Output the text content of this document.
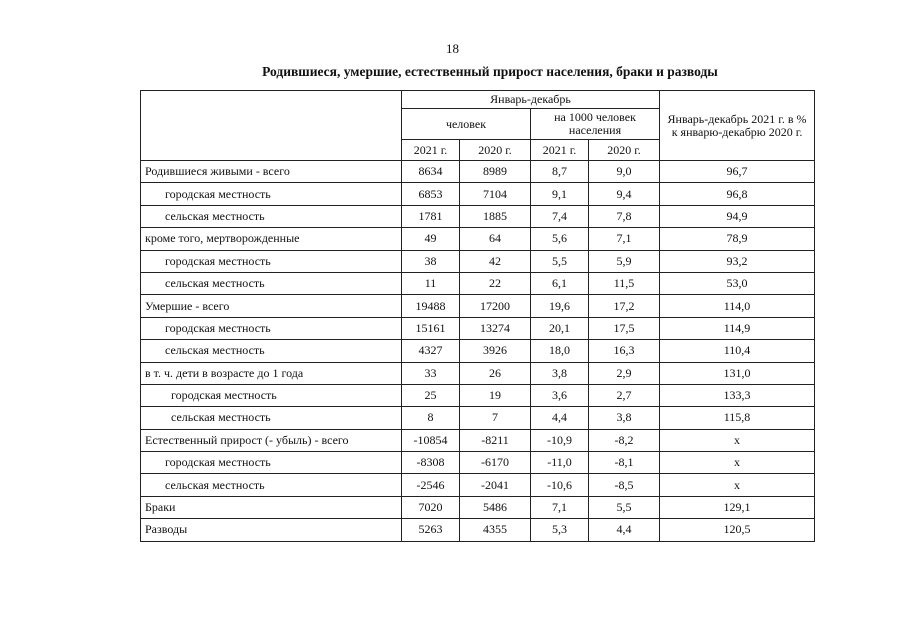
18
Родившиеся, умершие, естественный прирост населения, браки и разводы
	Январь-декабрь				Январь-декабрь 2021 г. в % к январю-декабрю 2020 г.
	человек		на 1000 человек населения		
	2021 г.	2020 г.	2021 г.	2020 г.	
Родившиеся живыми - всего	8634	8989	8,7	9,0	96,7
городская местность	6853	7104	9,1	9,4	96,8
сельская местность	1781	1885	7,4	7,8	94,9
кроме того, мертворожденные	49	64	5,6	7,1	78,9
городская местность	38	42	5,5	5,9	93,2
сельская местность	11	22	6,1	11,5	53,0
Умершие - всего	19488	17200	19,6	17,2	114,0
городская местность	15161	13274	20,1	17,5	114,9
сельская местность	4327	3926	18,0	16,3	110,4
в т. ч. дети в возрасте до 1 года	33	26	3,8	2,9	131,0
городская местность	25	19	3,6	2,7	133,3
сельская местность	8	7	4,4	3,8	115,8
Естественный прирост (- убыль) - всего	-10854	-8211	-10,9	-8,2	x
городская местность	-8308	-6170	-11,0	-8,1	x
сельская местность	-2546	-2041	-10,6	-8,5	x
Браки	7020	5486	7,1	5,5	129,1
Разводы	5263	4355	5,3	4,4	120,5
